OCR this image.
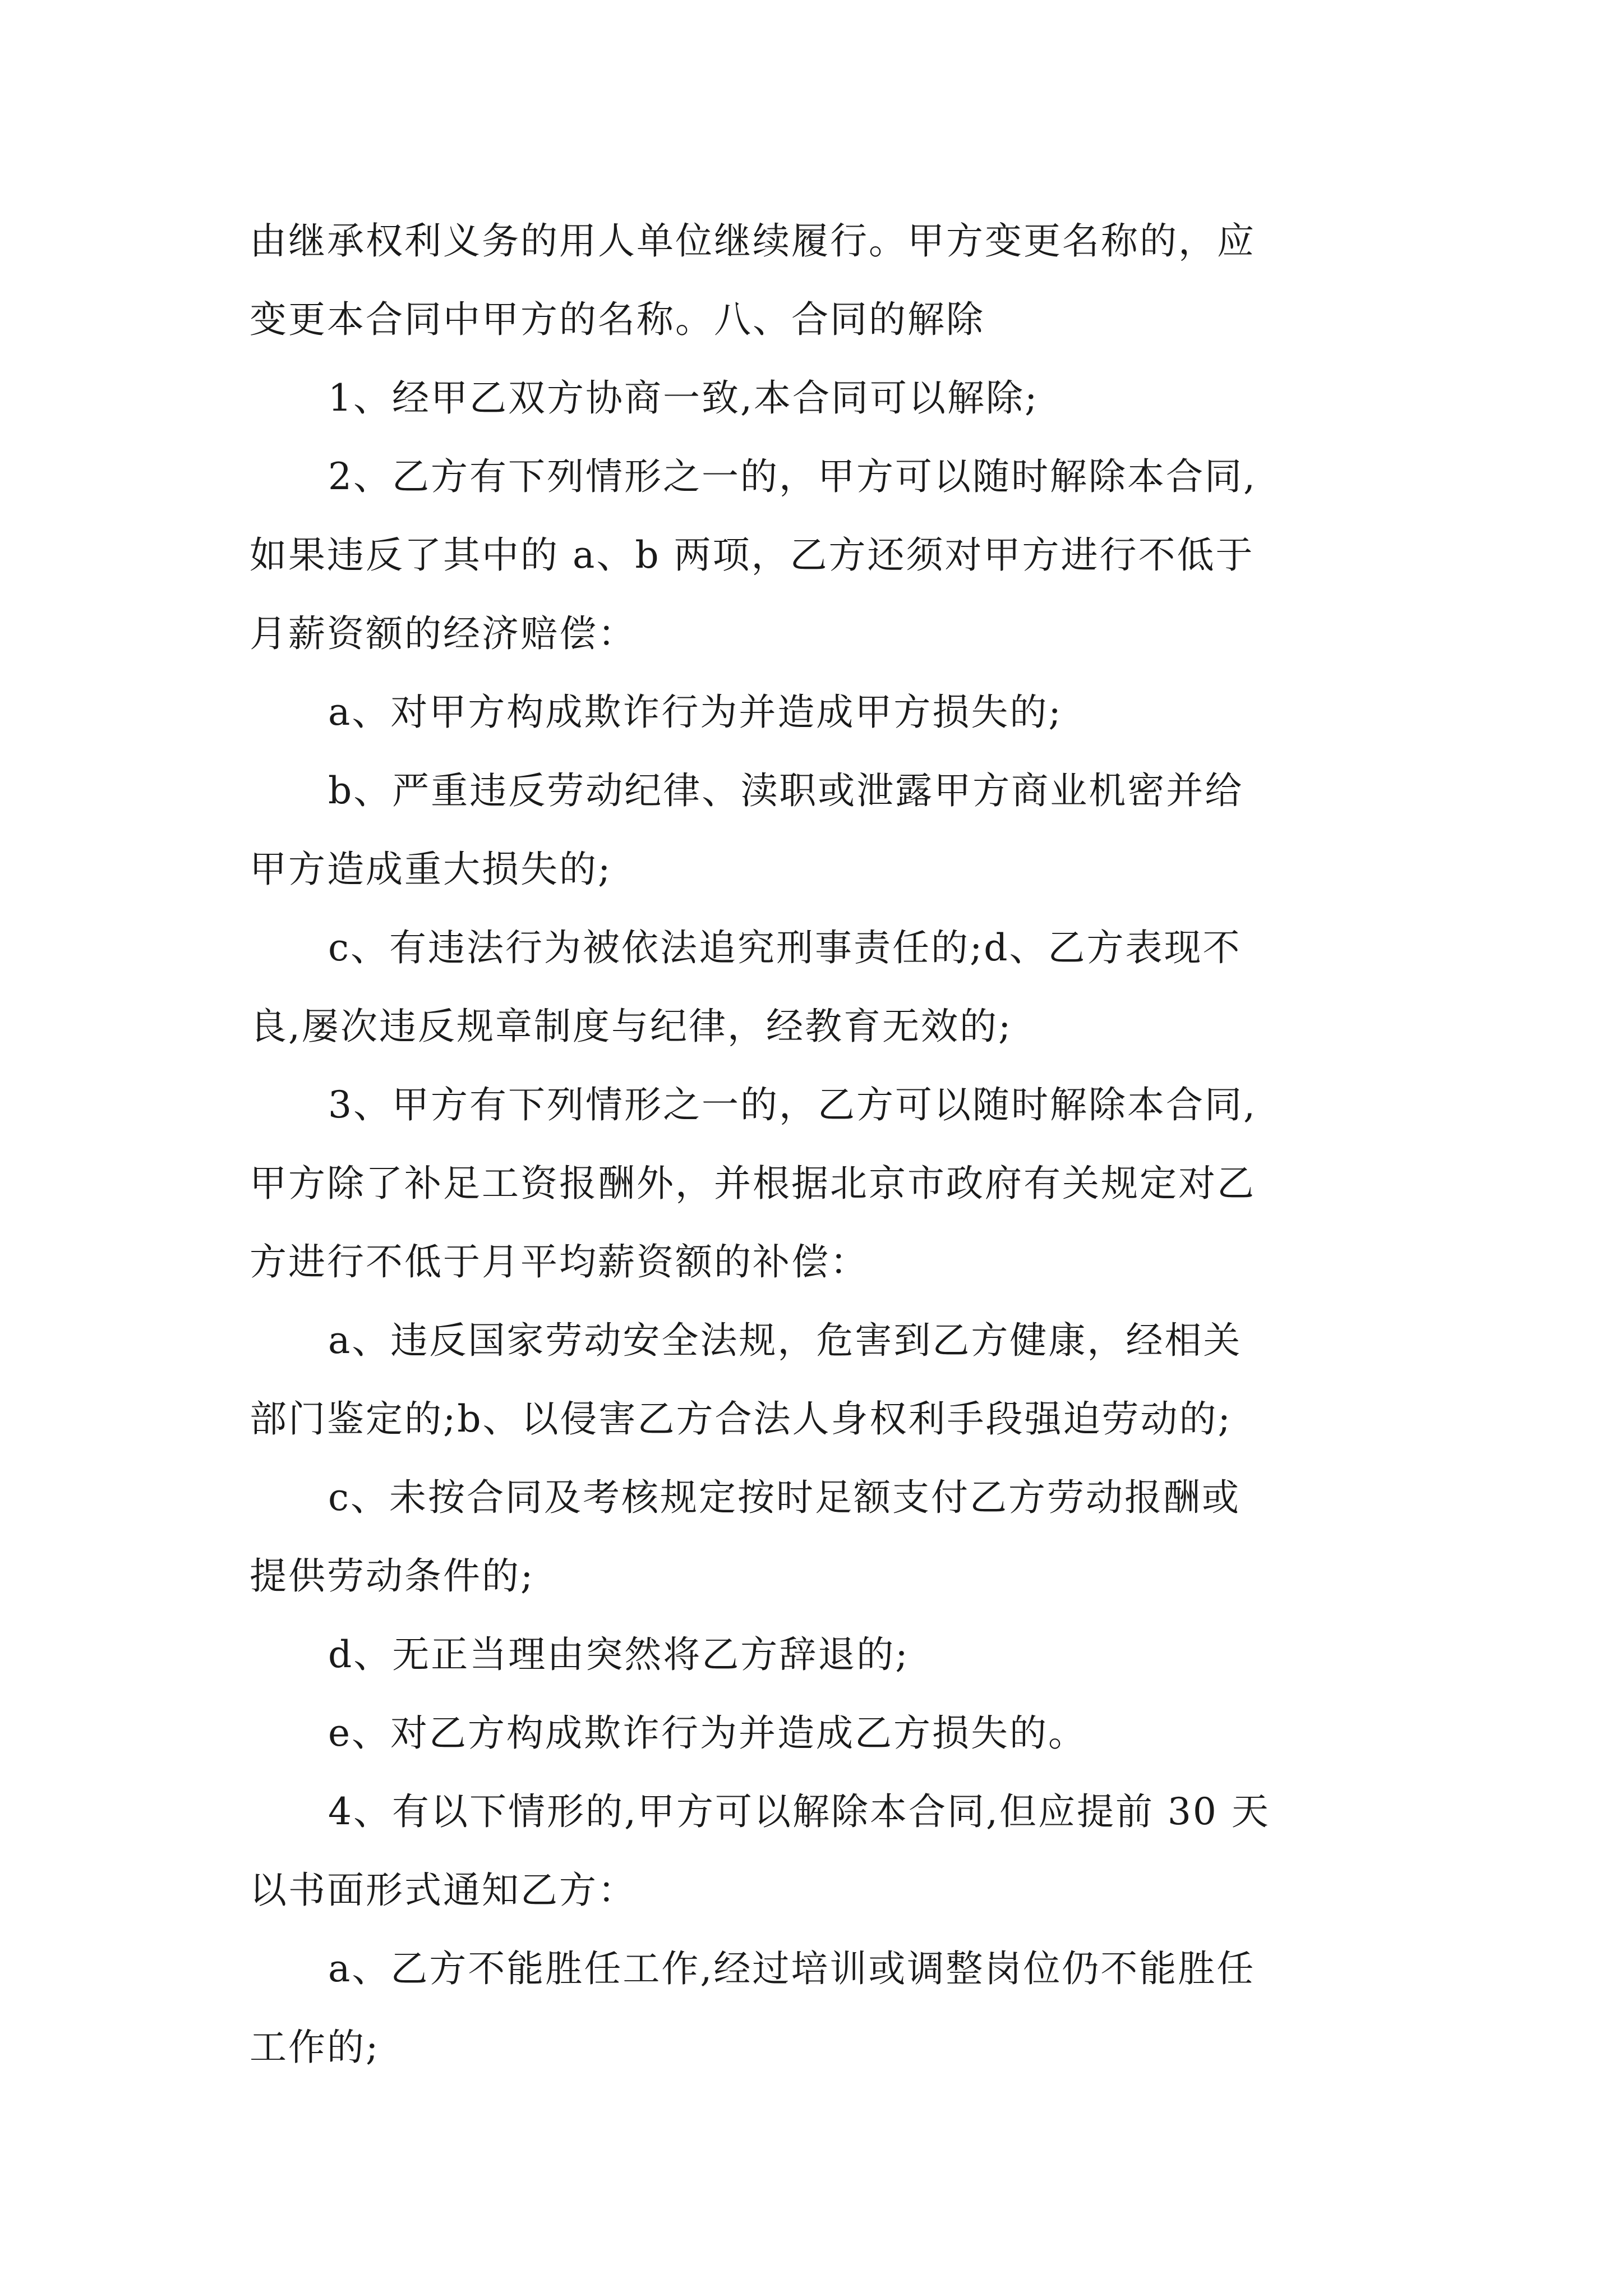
由继承权利义务的用人单位继续履行。甲方变更名称的，应
变更本合同中甲方的名称。八、合同的解除
1、经甲乙双方协商一致,本合同可以解除;
2、乙方有下列情形之一的，甲方可以随时解除本合同,
如果违反了其中的 a、b 两项，乙方还须对甲方进行不低于
月薪资额的经济赔偿：
a、对甲方构成欺诈行为并造成甲方损失的;
b、严重违反劳动纪律、渎职或泄露甲方商业机密并给
甲方造成重大损失的;
c、有违法行为被依法追究刑事责任的;d、乙方表现不
良,屡次违反规章制度与纪律，经教育无效的;
3、甲方有下列情形之一的，乙方可以随时解除本合同,
甲方除了补足工资报酬外，并根据北京市政府有关规定对乙
方进行不低于月平均薪资额的补偿：
a、违反国家劳动安全法规，危害到乙方健康，经相关
部门鉴定的;b、以侵害乙方合法人身权利手段强迫劳动的;
c、未按合同及考核规定按时足额支付乙方劳动报酬或
提供劳动条件的;
d、无正当理由突然将乙方辞退的;
e、对乙方构成欺诈行为并造成乙方损失的。
4、有以下情形的,甲方可以解除本合同,但应提前 30 天
以书面形式通知乙方：
a、乙方不能胜任工作,经过培训或调整岗位仍不能胜任
工作的;
